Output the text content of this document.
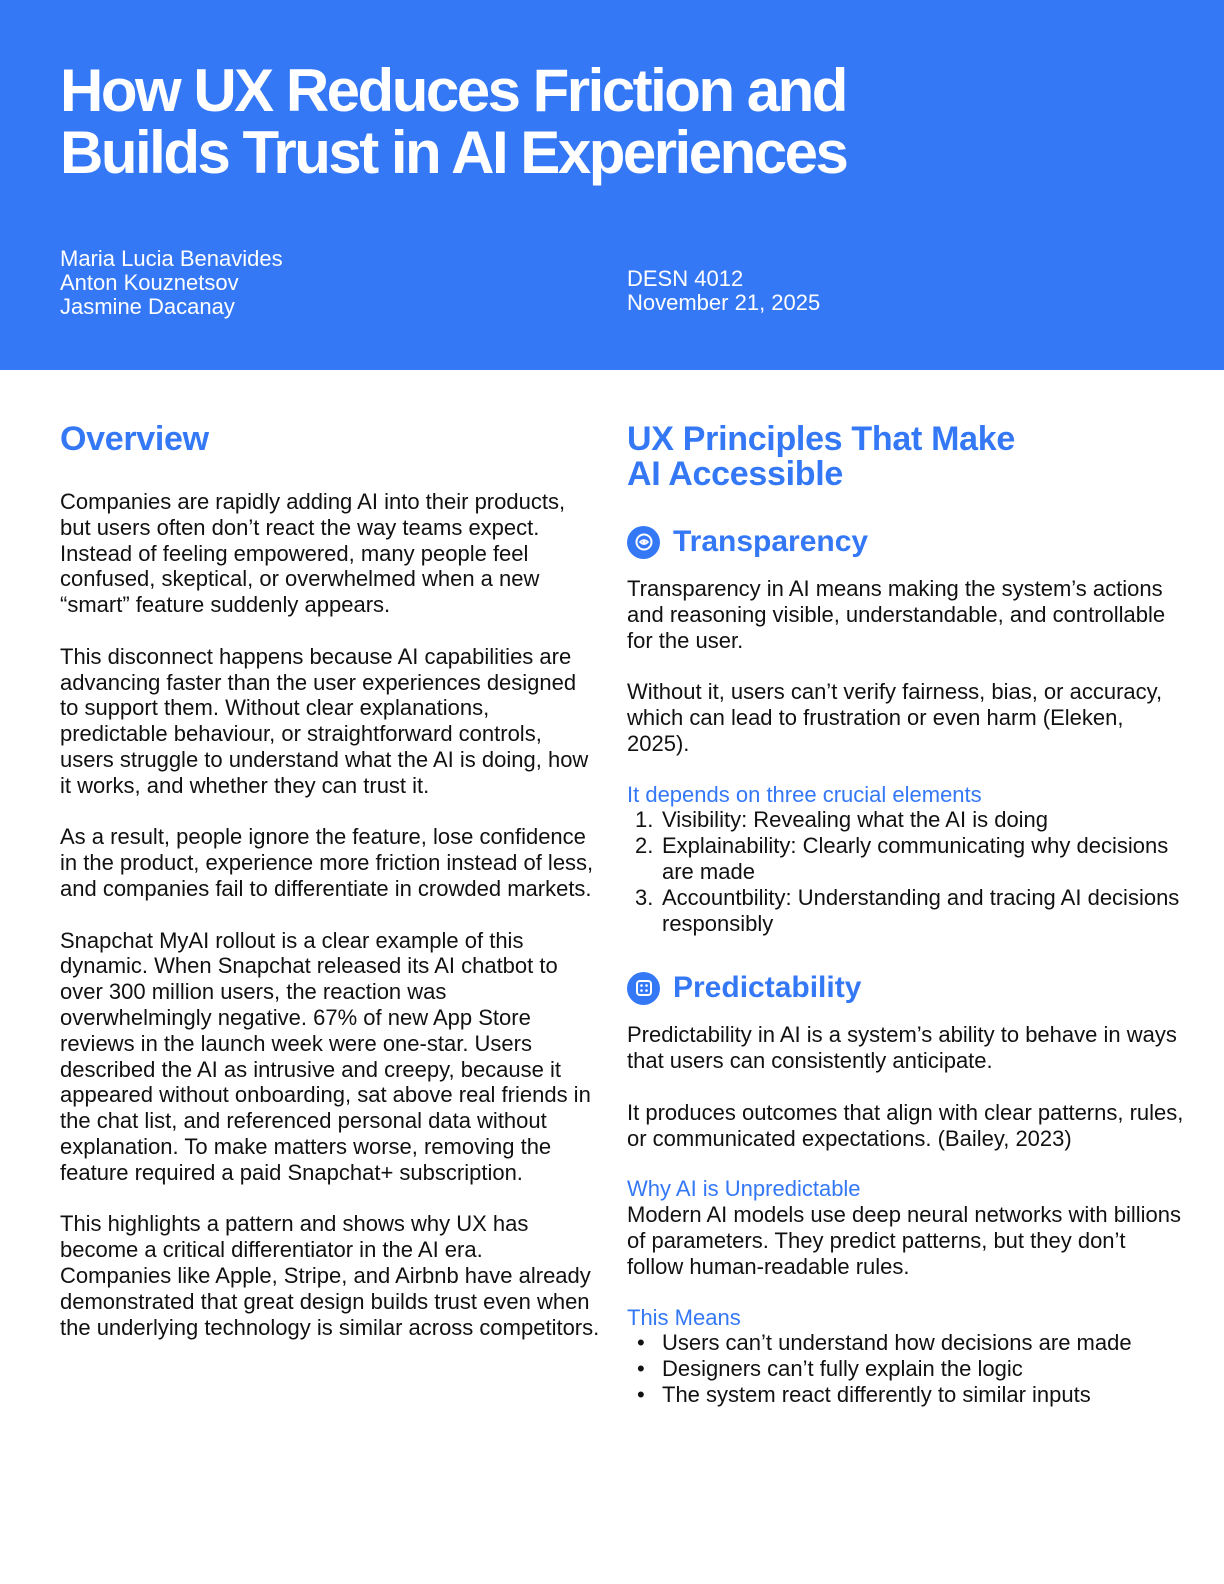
How UX Reduces Friction and
Builds Trust in AI Experiences
Maria Lucia Benavides
Anton Kouznetsov
Jasmine Dacanay
DESN 4012
November 21, 2025
Overview

Companies are rapidly adding AI into their products, but users often don’t react the way teams expect. Instead of feeling empowered, many people feel confused, skeptical, or overwhelmed when a new “smart” feature suddenly appears.

This disconnect happens because AI capabilities are advancing faster than the user experiences designed to support them. Without clear explanations, predictable behaviour, or straightforward controls, users struggle to understand what the AI is doing, how it works, and whether they can trust it.

As a result, people ignore the feature, lose confidence in the product, experience more friction instead of less, and companies fail to differentiate in crowded markets.

Snapchat MyAI rollout is a clear example of this dynamic. When Snapchat released its AI chatbot to over 300 million users, the reaction was overwhelmingly negative. 67% of new App Store reviews in the launch week were one-star. Users described the AI as intrusive and creepy, because it appeared without onboarding, sat above real friends in the chat list, and referenced personal data without explanation. To make matters worse, removing the feature required a paid Snapchat+ subscription.

This highlights a pattern and shows why UX has become a critical differentiator in the AI era. Companies like Apple, Stripe, and Airbnb have already demonstrated that great design builds trust even when the underlying technology is similar across competitors.

UX Principles That Make
AI Accessible
Transparency

Transparency in AI means making the system’s actions and reasoning visible, understandable, and controllable for the user.

Without it, users can’t verify fairness, bias, or accuracy, which can lead to frustration or even harm (Eleken, 2025).

It depends on three crucial elements

1. Visibility: Revealing what the AI is doing
2. Explainability: Clearly communicating why decisions are made
3. Accountbility: Understanding and tracing AI decisions responsibly
Predictability

Predictability in AI is a system’s ability to behave in ways that users can consistently anticipate.

It produces outcomes that align with clear patterns, rules, or communicated expectations. (Bailey, 2023)

Why AI is Unpredictable

Modern AI models use deep neural networks with billions of parameters. They predict patterns, but they don’t follow human-readable rules.

This Means

• Users can’t understand how decisions are made
• Designers can’t fully explain the logic
• The system react differently to similar inputs
